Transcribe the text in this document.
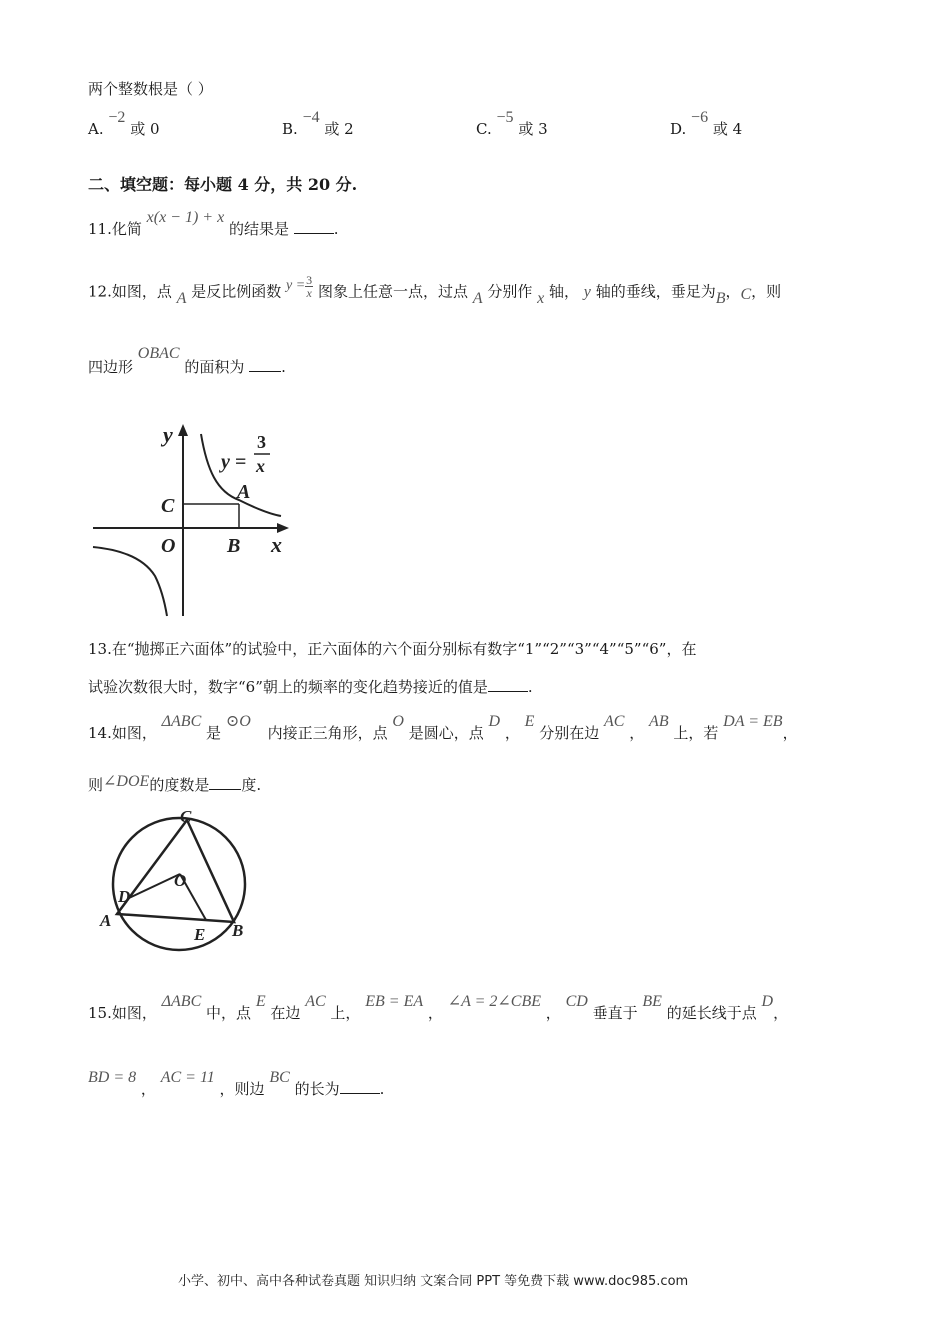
两个整数根是（ ）
A. −2 或 0	B. −4 或 2	C. −5 或 3	D. −6 或 4
二、填空题：每小题 4 分，共 20 分.
11.化简 x(x − 1) + x 的结果是	.
12.如图，点 A 是反比例函数 $y = \frac{3}{x}$ 图象上任意一点，过点 A 分别作 x 轴， y 轴的垂线，垂足为B，C，则
四边形 OBAC 的面积为 .
y
x
y =
3
x
A
B
C
O
13.在“抛掷正六面体”的试验中，正六面体的六个面分别标有数字“1”“2”“3”“4”“5”“6”，在
试验次数很大时，数字“6”朝上的频率的变化趋势接近的值是	.
14.如图， ΔABC 是 ⊙O 内接正三角形，点 O 是圆心，点 D ， E 分别在边 AC ， AB 上，若 DA = EB，
则∠DOE的度数是 度.
C
O
D
A
E B
15.如图， ΔABC 中，点 E 在边 AC 上， EB = EA ， ∠A = 2∠CBE ， CD 垂直于 BE 的延长线于点 D，
BD = 8 ， AC = 11 ，则边 BC 的长为	.
小学、初中、高中各种试卷真题 知识归纳 文案合同 PPT 等免费下载 www.doc985.com
